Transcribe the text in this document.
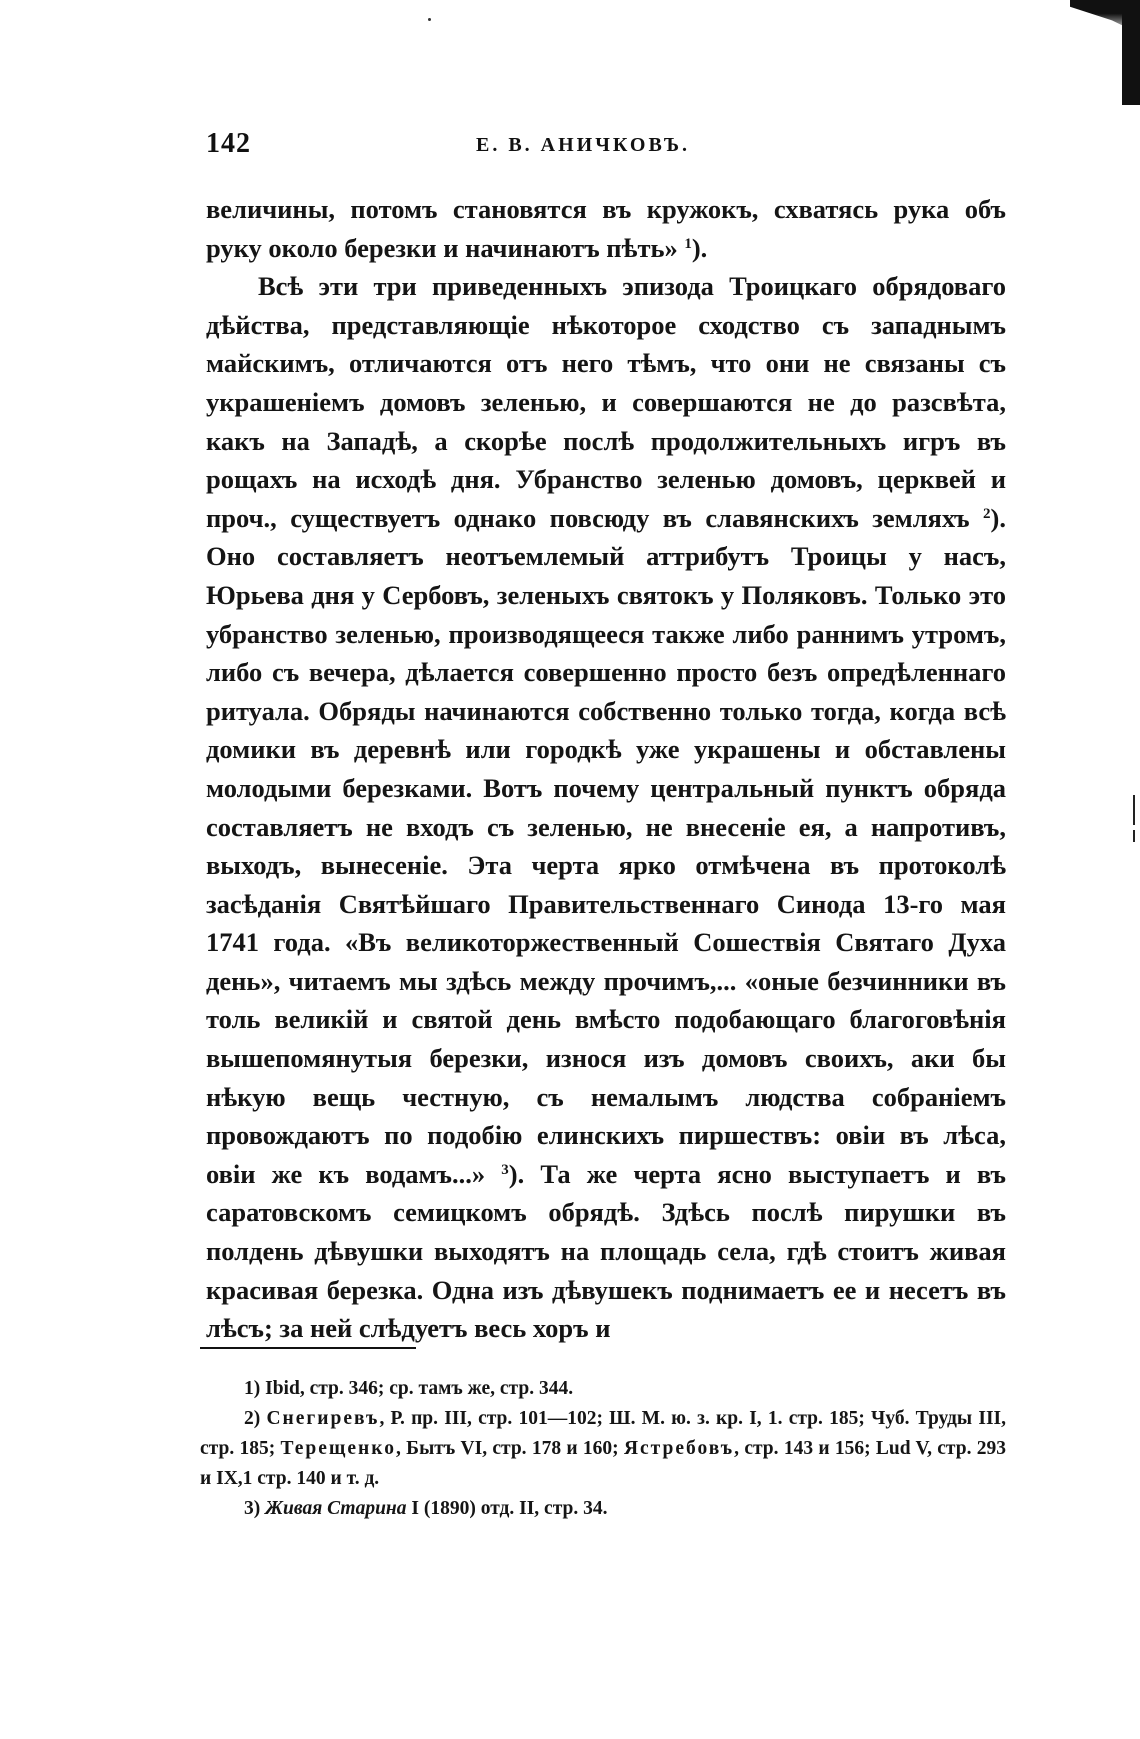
142	Е. В. АНИЧКОВЪ.

величины, потомъ становятся въ кружокъ, схватясь рука объ руку около березки и начинаютъ пѣть» $^1$).

Всѣ эти три приведенныхъ эпизода Троицкаго обрядоваго дѣйства, представляющіе нѣкоторое сходство съ западнымъ майскимъ, отличаются отъ него тѣмъ, что они не связаны съ украшеніемъ домовъ зеленью, и совершаются не до разсвѣта, какъ на Западѣ, а скорѣе послѣ продолжительныхъ игръ въ рощахъ на исходѣ дня. Убранство зеленью домовъ, церквей и проч., существуетъ однако повсюду въ славянскихъ земляхъ $^2$). Оно составляетъ неотъемлемый аттрибутъ Троицы у насъ, Юрьева дня у Сербовъ, зеленыхъ святокъ у Поляковъ. Только это убранство зеленью, производящееся также либо раннимъ утромъ, либо съ вечера, дѣлается совершенно просто безъ опредѣленнаго ритуала. Обряды начинаются собственно только тогда, когда всѣ домики въ деревнѣ или городкѣ уже украшены и обставлены молодыми березками. Вотъ почему центральный пунктъ обряда составляетъ не входъ съ зеленью, не внесеніе ея, а напротивъ, выходъ, вынесеніе. Эта черта ярко отмѣчена въ протоколѣ засѣданія Святѣйшаго Правительственнаго Синода 13-го мая 1741 года. «Въ великоторжественный Сошествія Святаго Духа день», читаемъ мы здѣсь между прочимъ,... «оные безчинники въ толь великій и святой день вмѣсто подобающаго благоговѣнія вышепомянутыя березки, износя изъ домовъ своихъ, аки бы нѣкую вещь честную, съ немалымъ людства собраніемъ провождаютъ по подобію елинскихъ пиршествъ: овіи въ лѣса, овіи же къ водамъ...» $^3$). Та же черта ясно выступаетъ и въ саратовскомъ семицкомъ обрядѣ. Здѣсь послѣ пирушки въ полдень дѣвушки выходятъ на площадь села, гдѣ стоитъ живая красивая березка. Одна изъ дѣвушекъ поднимаетъ ее и несетъ въ лѣсъ; за ней слѣдуетъ весь хоръ и

1) Ibid, стр. 346; ср. тамъ же, стр. 344.

2) Снегиревъ, Р. пр. III, стр. 101—102; Ш. М. ю. з. кр. I, 1. стр. 185; Чуб. Труды III, стр. 185; Терещенко, Бытъ VI, стр. 178 и 160; Ястребовъ, стр. 143 и 156; Lud V, стр. 293 и IX,1 стр. 140 и т. д.

3) Живая Старина I (1890) отд. II, стр. 34.
